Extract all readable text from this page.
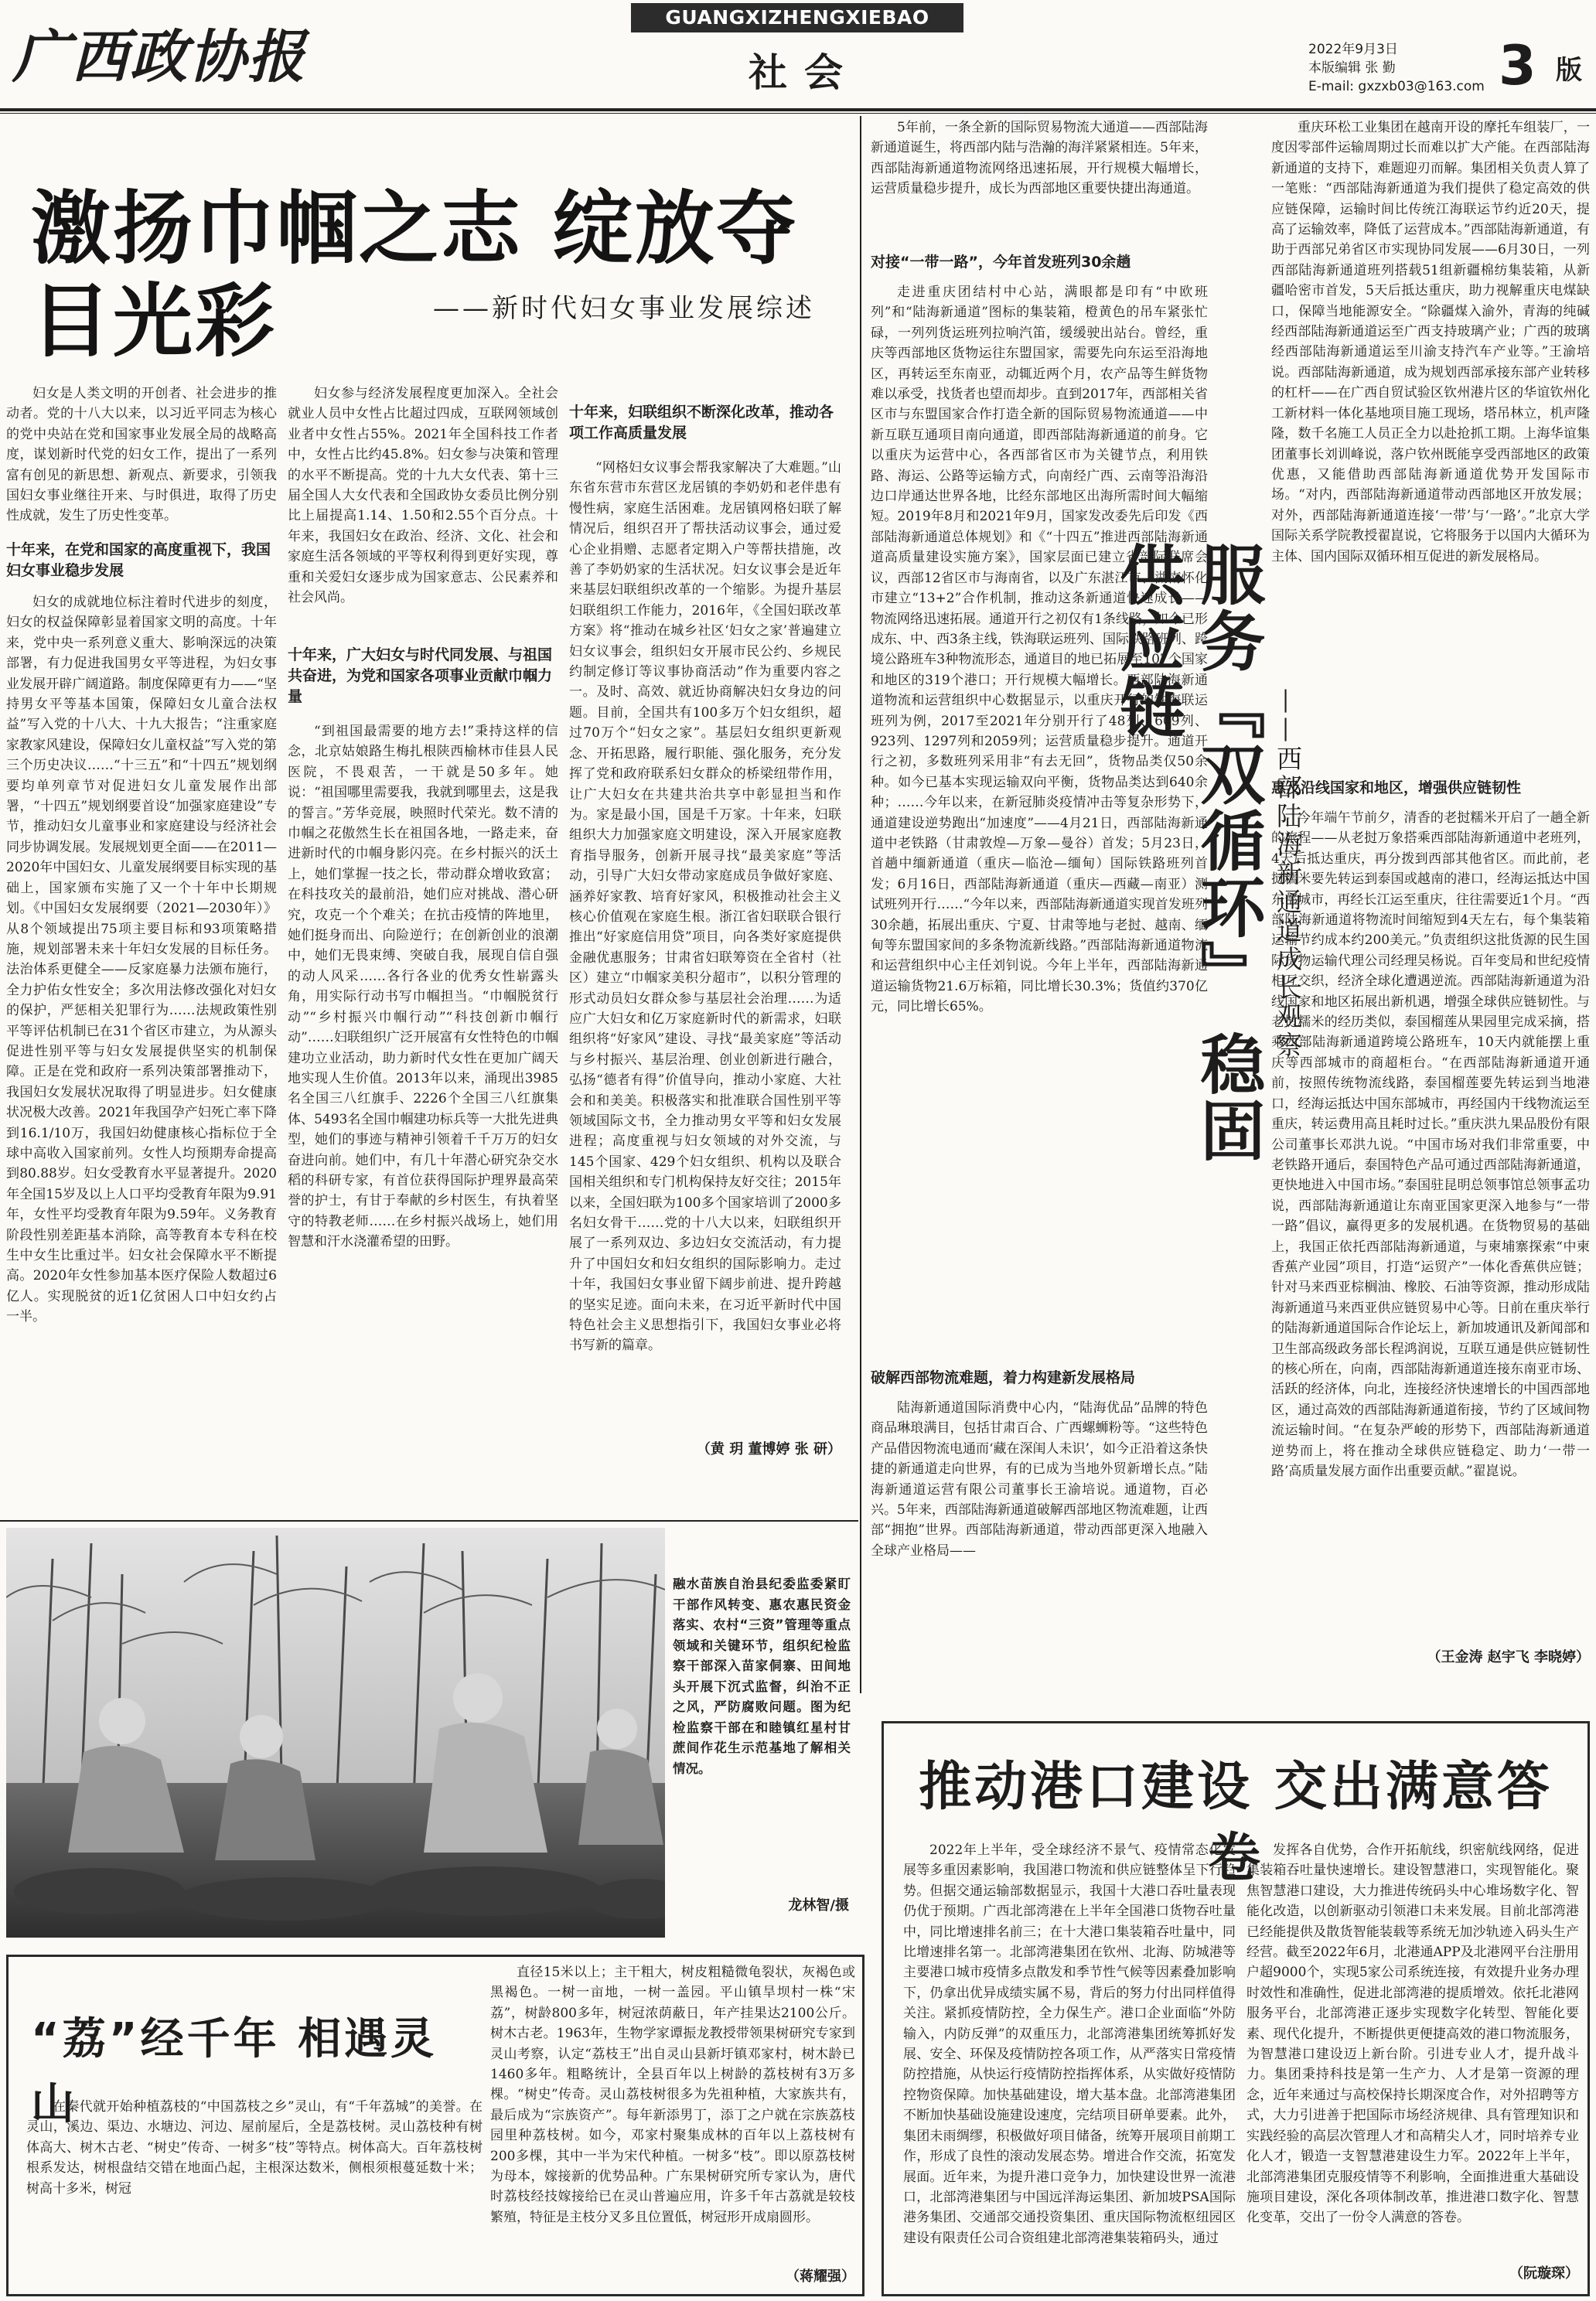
广西政协报
GUANGXIZHENGXIEBAO
社会
2022年9月3日
本版编辑 张 勤
E-mail: gxzxb03@163.com 3 版
激扬巾帼之志 绽放夺目光彩	——新时代妇女事业发展综述

妇女是人类文明的开创者、社会进步的推动者。党的十八大以来，以习近平同志为核心的党中央站在党和国家事业发展全局的战略高度，谋划新时代党的妇女工作，提出了一系列富有创见的新思想、新观点、新要求，引领我国妇女事业继往开来、与时俱进，取得了历史性成就，发生了历史性变革。

十年来，在党和国家的高度重视下，我国妇女事业稳步发展

妇女的成就地位标注着时代进步的刻度，妇女的权益保障彰显着国家文明的高度。十年来，党中央一系列意义重大、影响深远的决策部署，有力促进我国男女平等进程，为妇女事业发展开辟广阔道路。制度保障更有力——“坚持男女平等基本国策，保障妇女儿童合法权益”写入党的十八大、十九大报告；“注重家庭家教家风建设，保障妇女儿童权益”写入党的第三个历史决议……“十三五”和“十四五”规划纲要均单列章节对促进妇女儿童发展作出部署，“十四五”规划纲要首设“加强家庭建设”专节，推动妇女儿童事业和家庭建设与经济社会同步协调发展。发展规划更全面——在2011—2020年中国妇女、儿童发展纲要目标实现的基础上，国家颁布实施了又一个十年中长期规划。《中国妇女发展纲要（2021—2030年）》从8个领域提出75项主要目标和93项策略措施，规划部署未来十年妇女发展的目标任务。法治体系更健全——反家庭暴力法颁布施行，全力护佑女性安全；多次用法修改强化对妇女的保护，严惩相关犯罪行为……法规政策性别平等评估机制已在31个省区市建立，为从源头促进性别平等与妇女发展提供坚实的机制保障。正是在党和政府一系列决策部署推动下，我国妇女发展状况取得了明显进步。妇女健康状况极大改善。2021年我国孕产妇死亡率下降到16.1/10万，我国妇幼健康核心指标位于全球中高收入国家前列。女性人均预期寿命提高到80.88岁。妇女受教育水平显著提升。2020年全国15岁及以上人口平均受教育年限为9.91年，女性平均受教育年限为9.59年。义务教育阶段性别差距基本消除，高等教育本专科在校生中女生比重过半。妇女社会保障水平不断提高。2020年女性参加基本医疗保险人数超过6亿人。实现脱贫的近1亿贫困人口中妇女约占一半。

妇女参与经济发展程度更加深入。全社会就业人员中女性占比超过四成，互联网领域创业者中女性占55%。2021年全国科技工作者中，女性占比约45.8%。妇女参与决策和管理的水平不断提高。党的十九大女代表、第十三届全国人大女代表和全国政协女委员比例分别比上届提高1.14、1.50和2.55个百分点。十年来，我国妇女在政治、经济、文化、社会和家庭生活各领域的平等权利得到更好实现，尊重和关爱妇女逐步成为国家意志、公民素养和社会风尚。

十年来，广大妇女与时代同发展、与祖国共奋进，为党和国家各项事业贡献巾帼力量

“到祖国最需要的地方去!”秉持这样的信念，北京姑娘路生梅扎根陕西榆林市佳县人民医院，不畏艰苦，一干就是50多年。她说：“祖国哪里需要我，我就到哪里去，这是我的誓言。”芳华竞展，映照时代荣光。数不清的巾帼之花傲然生长在祖国各地，一路走来，奋进新时代的巾帼身影闪亮。在乡村振兴的沃土上，她们掌握一技之长，带动群众增收致富；在科技攻关的最前沿，她们应对挑战、潜心研究，攻克一个个难关；在抗击疫情的阵地里，她们挺身而出、向险逆行；在创新创业的浪潮中，她们无畏束缚、突破自我，展现自信自强的动人风采……各行各业的优秀女性崭露头角，用实际行动书写巾帼担当。“巾帼脱贫行动”“乡村振兴巾帼行动”“科技创新巾帼行动”……妇联组织广泛开展富有女性特色的巾帼建功立业活动，助力新时代女性在更加广阔天地实现人生价值。2013年以来，涌现出3985名全国三八红旗手、2226个全国三八红旗集体、5493名全国巾帼建功标兵等一大批先进典型，她们的事迹与精神引领着千千万万的妇女奋进向前。她们中，有几十年潜心研究杂交水稻的科研专家，有首位获得国际护理界最高荣誉的护士，有甘于奉献的乡村医生，有执着坚守的特教老师……在乡村振兴战场上，她们用智慧和汗水浇灌希望的田野。

十年来，妇联组织不断深化改革，推动各项工作高质量发展

“网格妇女议事会帮我家解决了大难题。”山东省东营市东营区龙居镇的李奶奶和老伴患有慢性病，家庭生活困难。龙居镇网格妇联了解情况后，组织召开了帮扶活动议事会，通过爱心企业捐赠、志愿者定期入户等帮扶措施，改善了李奶奶家的生活状况。妇女议事会是近年来基层妇联组织改革的一个缩影。为提升基层妇联组织工作能力，2016年，《全国妇联改革方案》将“推动在城乡社区‘妇女之家’普遍建立妇女议事会，组织妇女开展市民公约、乡规民约制定修订等议事协商活动”作为重要内容之一。及时、高效、就近协商解决妇女身边的问题。目前，全国共有100多万个妇女组织，超过70万个“妇女之家”。基层妇女组织更新观念、开拓思路，履行职能、强化服务，充分发挥了党和政府联系妇女群众的桥梁纽带作用，让广大妇女在共建共治共享中彰显担当和作为。家是最小国，国是千万家。十年来，妇联组织大力加强家庭文明建设，深入开展家庭教育指导服务，创新开展寻找“最美家庭”等活动，引导广大妇女带动家庭成员争做好家庭、涵养好家教、培育好家风，积极推动社会主义核心价值观在家庭生根。浙江省妇联联合银行推出“好家庭信用贷”项目，向各类好家庭提供金融优惠服务；甘肃省妇联筹资在全省村（社区）建立“巾帼家美积分超市”，以积分管理的形式动员妇女群众参与基层社会治理……为适应广大妇女和亿万家庭新时代的新需求，妇联组织将“好家风”建设、寻找“最美家庭”等活动与乡村振兴、基层治理、创业创新进行融合，弘扬“德者有得”价值导向，推动小家庭、大社会和和美美。积极落实和批准联合国性别平等领域国际文书，全力推动男女平等和妇女发展进程；高度重视与妇女领域的对外交流，与145个国家、429个妇女组织、机构以及联合国相关组织和专门机构保持友好交往；2015年以来，全国妇联为100多个国家培训了2000多名妇女骨干……党的十八大以来，妇联组织开展了一系列双边、多边妇女交流活动，有力提升了中国妇女和妇女组织的国际影响力。走过十年，我国妇女事业留下阔步前进、提升跨越的坚实足迹。面向未来，在习近平新时代中国特色社会主义思想指引下，我国妇女事业必将书写新的篇章。

（黄 玥 董博婷 张 研）
融水苗族自治县纪委监委紧盯干部作风转变、惠农惠民资金落实、农村“三资”管理等重点领域和关键环节，组织纪检监察干部深入苗家侗寨、田间地头开展下沉式监督，纠治不正之风，严防腐败问题。图为纪检监察干部在和睦镇红星村甘蔗间作花生示范基地了解相关情况。
龙林智/摄
“荔”经千年 相遇灵山

在秦代就开始种植荔枝的“中国荔枝之乡”灵山，有“千年荔城”的美誉。在灵山，溪边、渠边、水塘边、河边、屋前屋后，全是荔枝树。灵山荔枝种有树体高大、树木古老、“树史”传奇、一树多“枝”等特点。树体高大。百年荔枝树根系发达，树根盘结交错在地面凸起，主根深达数米，侧根须根蔓延数十米；树高十多米，树冠

直径15米以上；主干粗大，树皮粗糙微龟裂状，灰褐色或黑褐色。一树一亩地，一树一盖园。平山镇旱坝村一株“宋荔”，树龄800多年，树冠浓荫蔽日，年产挂果达2100公斤。树木古老。1963年，生物学家谭振龙教授带领果树研究专家到灵山考察，认定“荔枝王”出自灵山县新圩镇邓家村，树木龄已1460多年。粗略统计，全县百年以上树龄的荔枝树有3万多棵。“树史”传奇。灵山荔枝树很多为先祖种植，大家族共有，最后成为“宗族资产”。每年新添男丁，添丁之户就在宗族荔枝园里种荔枝树。如今，邓家村聚集成林的百年以上荔枝树有200多棵，其中一半为宋代种植。一树多“枝”。即以原荔枝树为母本，嫁接新的优势品种。广东果树研究所专家认为，唐代时荔枝经技嫁接给已在灵山普遍应用，许多千年古荔就是较枝繁殖，特征是主枝分叉多且位置低，树冠形开成扇圆形。

（蒋耀强）
服务『双循环』 稳固供应链
——西部陆海新通道成长观察

5年前，一条全新的国际贸易物流大通道——西部陆海新通道诞生，将西部内陆与浩瀚的海洋紧紧相连。5年来，西部陆海新通道物流网络迅速拓展，开行规模大幅增长，运营质量稳步提升，成长为西部地区重要快捷出海通道。

对接“一带一路”，今年首发班列30余趟

走进重庆团结村中心站，满眼都是印有“中欧班列”和“陆海新通道”图标的集装箱，橙黄色的吊车紧张忙碌，一列列货运班列拉响汽笛，缓缓驶出站台。曾经，重庆等西部地区货物运往东盟国家，需要先向东运至沿海地区，再转运至东南亚，动辄近两个月，农产品等生鲜货物难以承受，找货者也望而却步。直到2017年，西部相关省区市与东盟国家合作打造全新的国际贸易物流通道——中新互联互通项目南向通道，即西部陆海新通道的前身。它以重庆为运营中心，各西部省区市为关键节点，利用铁路、海运、公路等运输方式，向南经广西、云南等沿海沿边口岸通达世界各地，比经东部地区出海所需时间大幅缩短。2019年8月和2021年9月，国家发改委先后印发《西部陆海新通道总体规划》和《“十四五”推进西部陆海新通道高质量建设实施方案》，国家层面已建立省部际联席会议，西部12省区市与海南省，以及广东湛江市、湖南怀化市建立“13+2”合作机制，推动这条新通道快速成长——物流网络迅速拓展。通道开行之初仅有1条线路，如今已形成东、中、西3条主线，铁海联运班列、国际铁路班列、跨境公路班车3种物流形态，通道目的地已拓展至107个国家和地区的319个港口；开行规模大幅增长。西部陆海新通道物流和运营组织中心数据显示，以重庆开行的铁海联运班列为例，2017至2021年分别开行了48列、609列、923列、1297列和2059列；运营质量稳步提升。通道开行之初，多数班列采用非“有去无回”，货物品类仅50余种。如今已基本实现运输双向平衡，货物品类达到640余种；……今年以来，在新冠肺炎疫情冲击等复杂形势下，通道建设逆势跑出“加速度”——4月21日，西部陆海新通道中老铁路（甘肃敦煌—万象—曼谷）首发；5月23日，首趟中缅新通道（重庆—临沧—缅甸）国际铁路班列首发；6月16日，西部陆海新通道（重庆—西藏—南亚）测试班列开行……“今年以来，西部陆海新通道实现首发班列30余趟，拓展出重庆、宁夏、甘肃等地与老挝、越南、缅甸等东盟国家间的多条物流新线路。”西部陆海新通道物流和运营组织中心主任刘钊说。今年上半年，西部陆海新通道运输货物21.6万标箱，同比增长30.3%；货值约370亿元，同比增长65%。

破解西部物流难题，着力构建新发展格局

陆海新通道国际消费中心内，“陆海优品”品牌的特色商品琳琅满目，包括甘肃百合、广西螺蛳粉等。“这些特色产品借因物流电通而‘藏在深闺人未识’，如今正沿着这条快捷的新通道走向世界，有的已成为当地外贸新增长点。”陆海新通道运营有限公司董事长王渝培说。通道物，百必兴。5年来，西部陆海新通道破解西部地区物流难题，让西部“拥抱”世界。西部陆海新通道，带动西部更深入地融入全球产业格局——

重庆环松工业集团在越南开设的摩托车组装厂，一度因零部件运输周期过长而难以扩大产能。在西部陆海新通道的支持下，难题迎刃而解。集团相关负责人算了一笔账：“西部陆海新通道为我们提供了稳定高效的供应链保障，运输时间比传统江海联运节约近20天，提高了运输效率，降低了运营成本。”西部陆海新通道，有助于西部兄弟省区市实现协同发展——6月30日，一列西部陆海新通道班列搭载51组新疆棉纺集装箱，从新疆哈密市首发，5天后抵达重庆，助力视解重庆电煤缺口，保障当地能源安全。“除疆煤入渝外，青海的纯碱经西部陆海新通道运至广西支持玻璃产业；广西的玻璃经西部陆海新通道运至川渝支持汽车产业等。”王渝培说。西部陆海新通道，成为规划西部承接东部产业转移的杠杆——在广西自贸试验区钦州港片区的华谊钦州化工新材料一体化基地项目施工现场，塔吊林立，机声隆隆，数千名施工人员正全力以赴抢抓工期。上海华谊集团董事长刘训峰说，落户钦州既能享受西部地区的政策优惠，又能借助西部陆海新通道优势开发国际市场。“对内，西部陆海新通道带动西部地区开放发展；对外，西部陆海新通道连接‘一带’与‘一路’。”北京大学国际关系学院教授翟崑说，它将服务于以国内大循环为主体、国内国际双循环相互促进的新发展格局。

惠及沿线国家和地区，增强供应链韧性

今年端午节前夕，清香的老挝糯米开启了一趟全新的旅程——从老挝万象搭乘西部陆海新通道中老班列，4天后抵达重庆，再分拨到西部其他省区。而此前，老挝糯米要先转运到泰国或越南的港口，经海运抵达中国东部城市，再经长江运至重庆，往往需要近1个月。“西部陆海新通道将物流时间缩短到4天左右，每个集装箱运输节约成本约200美元。”负责组织这批货源的民生国际货物运输代理公司经理吴杨说。百年变局和世纪疫情相互交织，经济全球化遭遇逆流。西部陆海新通道为沿线国家和地区拓展出新机遇，增强全球供应链韧性。与老挝糯米的经历类似，泰国榴莲从果园里完成采摘，搭乘西部陆海新通道跨境公路班车，10天内就能摆上重庆等西部城市的商超柜台。“在西部陆海新通道开通前，按照传统物流线路，泰国榴莲要先转运到当地港口，经海运抵达中国东部城市，再经国内干线物流运至重庆，转运费用高且耗时过长。”重庆洪九果品股份有限公司董事长邓洪九说。“中国市场对我们非常重要，中老铁路开通后，泰国特色产品可通过西部陆海新通道，更快地进入中国市场。”泰国驻昆明总领事馆总领事孟功说，西部陆海新通道让东南亚国家更深入地参与“一带一路”倡议，赢得更多的发展机遇。在货物贸易的基础上，我国正依托西部陆海新通道，与柬埔寨探索“中柬香蕉产业园”项目，打造“运贸产”一体化香蕉供应链；针对马来西亚棕榈油、橡胶、石油等资源，推动形成陆海新通道马来西亚供应链贸易中心等。日前在重庆举行的陆海新通道国际合作论坛上，新加坡通讯及新闻部和卫生部高级政务部长程鸿润说，互联互通是供应链韧性的核心所在，向南，西部陆海新通道连接东南亚市场、活跃的经济体，向北，连接经济快速增长的中国西部地区，通过高效的西部陆海新通道衔接，节约了区域间物流运输时间。“在复杂严峻的形势下，西部陆海新通道逆势而上，将在推动全球供应链稳定、助力‘一带一路’高质量发展方面作出重要贡献。”翟崑说。

（王金涛 赵宇飞 李晓婷）
推动港口建设 交出满意答卷

2022年上半年，受全球经济不景气、疫情常态化发展等多重因素影响，我国港口物流和供应链整体呈下行趋势。但据交通运输部数据显示，我国十大港口吞吐量表现仍优于预期。广西北部湾港在上半年全国港口货物吞吐量中，同比增速排名前三；在十大港口集装箱吞吐量中，同比增速排名第一。北部湾港集团在钦州、北海、防城港等主要港口城市疫情多点散发和季节性气候等因素叠加影响下，仍拿出优异成绩实属不易，背后的努力付出同样值得关注。紧抓疫情防控，全力保生产。港口企业面临“外防输入，内防反弹”的双重压力，北部湾港集团统筹抓好发展、安全、环保及疫情防控各项工作，从严落实日常疫情防控措施，从快运行疫情防控指挥体系，从实做好疫情防控物资保障。加快基础建设，增大基本盘。北部湾港集团不断加快基础设施建设速度，完结项目研单要素。此外，集团未雨绸缪，积极做好项目储备，统筹开展项目前期工作，形成了良性的滚动发展态势。增进合作交流，拓宽发展面。近年来，为提升港口竞争力，加快建设世界一流港口，北部湾港集团与中国远洋海运集团、新加坡PSA国际港务集团、交通部交通投资集团、重庆国际物流枢纽园区建设有限责任公司合资组建北部湾港集装箱码头，通过

发挥各自优势，合作开拓航线，织密航线网络，促进集装箱吞吐量快速增长。建设智慧港口，实现智能化。聚焦智慧港口建设，大力推进传统码头中心堆场数字化、智能化改造，以创新驱动引领港口未来发展。目前北部湾港已经能提供及散货智能装载等系统无加沙轨迹入码头生产经营。截至2022年6月，北港通APP及北港网平台注册用户超9000个，实现5家公司系统连接，有效提升业务办理时效性和准确性，促进北部湾港的提质增效。依托北港网服务平台，北部湾港正逐步实现数字化转型、智能化要素、现代化提升，不断提供更便捷高效的港口物流服务，为智慧港口建设迈上新台阶。引进专业人才，提升战斗力。集团秉持科技是第一生产力、人才是第一资源的理念，近年来通过与高校保持长期深度合作，对外招聘等方式，大力引进善于把国际市场经济规律、具有管理知识和实践经验的高层次管理人才和高精尖人才，同时培养专业化人才，锻造一支智慧港建设生力军。2022年上半年，北部湾港集团克服疫情等不利影响，全面推进重大基础设施项目建设，深化各项体制改革，推进港口数字化、智慧化变革，交出了一份令人满意的答卷。

（阮璇琛）
